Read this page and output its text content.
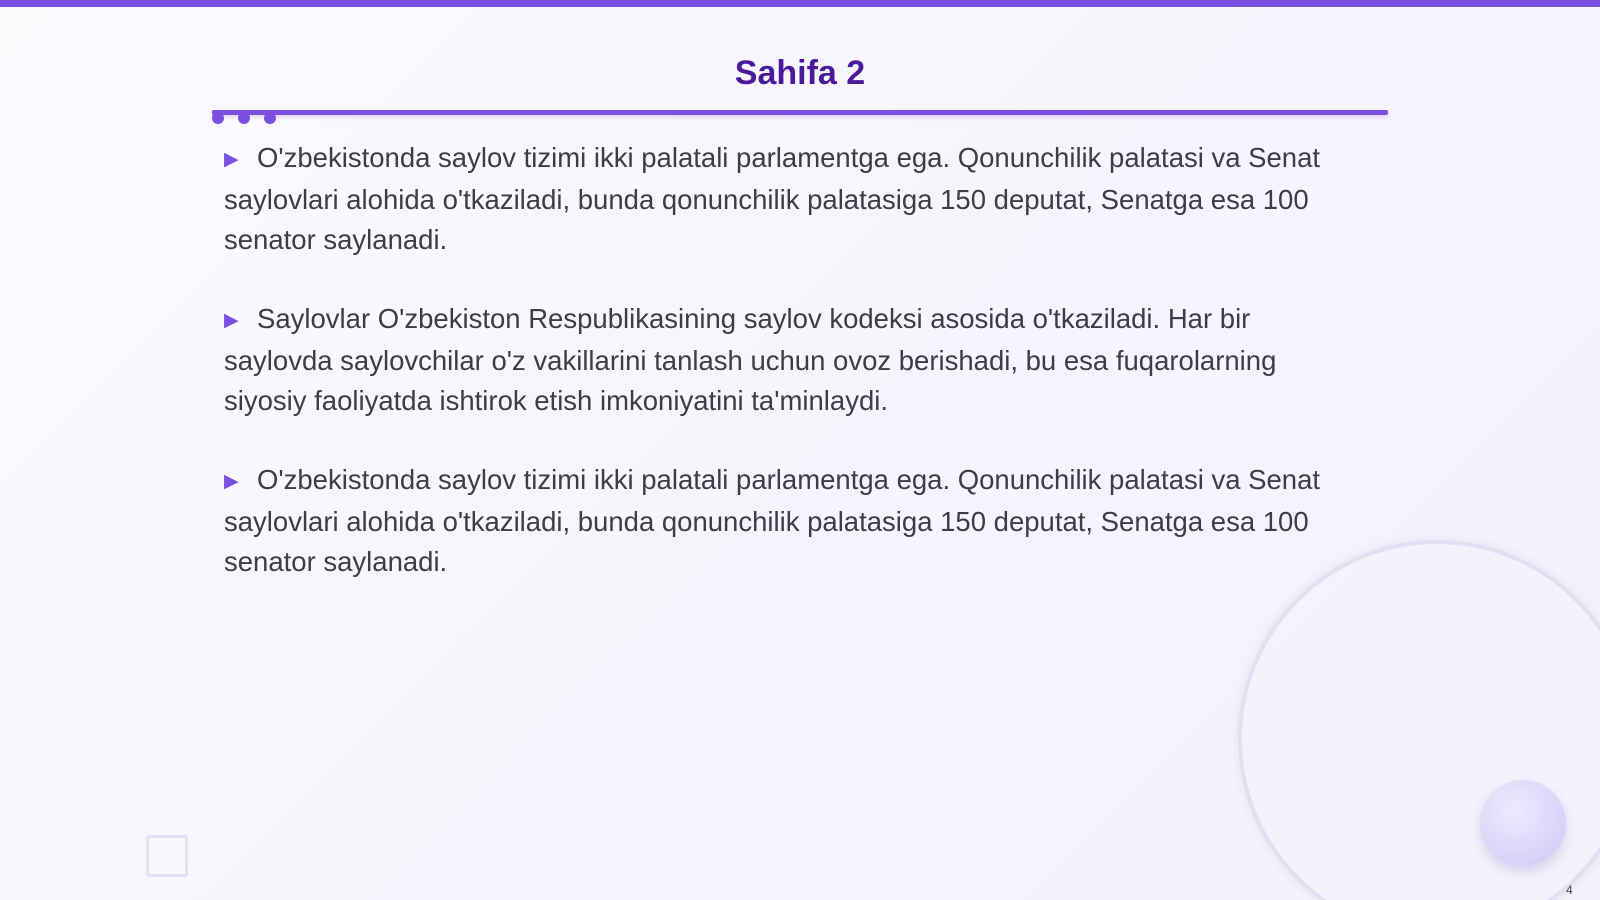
Sahifa 2

▶ O'zbekistonda saylov tizimi ikki palatali parlamentga ega. Qonunchilik palatasi va Senat saylovlari alohida o'tkaziladi, bunda qonunchilik palatasiga 150 deputat, Senatga esa 100 senator saylanadi.

▶ Saylovlar O'zbekiston Respublikasining saylov kodeksi asosida o'tkaziladi. Har bir saylovda saylovchilar o'z vakillarini tanlash uchun ovoz berishadi, bu esa fuqarolarning siyosiy faoliyatda ishtirok etish imkoniyatini ta'minlaydi.

▶ O'zbekistonda saylov tizimi ikki palatali parlamentga ega. Qonunchilik palatasi va Senat saylovlari alohida o'tkaziladi, bunda qonunchilik palatasiga 150 deputat, Senatga esa 100 senator saylanadi.

4
